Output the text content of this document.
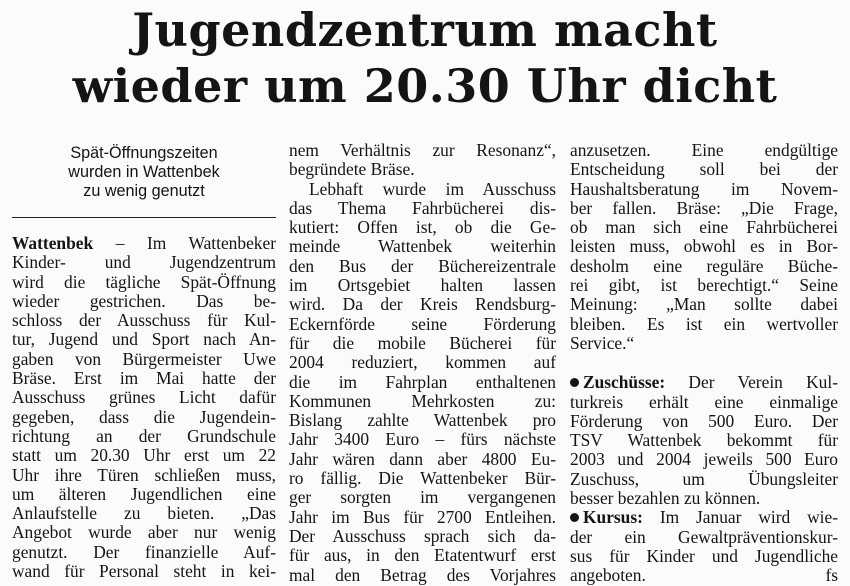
Jugendzentrum macht
wieder um 20.30 Uhr dicht
Spät-Öffnungszeiten
wurden in Wattenbek
zu wenig genutzt
Wattenbek – Im Wattenbeker
Kinder- und Jugendzentrum
wird die tägliche Spät-Öffnung
wieder gestrichen. Das be-
schloss der Ausschuss für Kul-
tur, Jugend und Sport nach An-
gaben von Bürgermeister Uwe
Bräse. Erst im Mai hatte der
Ausschuss grünes Licht dafür
gegeben, dass die Jugendein-
richtung an der Grundschule
statt um 20.30 Uhr erst um 22
Uhr ihre Türen schließen muss,
um älteren Jugendlichen eine
Anlaufstelle zu bieten. „Das
Angebot wurde aber nur wenig
genutzt. Der finanzielle Auf-
wand für Personal steht in kei-
nem Verhältnis zur Resonanz“,
begründete Bräse.
Lebhaft wurde im Ausschuss
das Thema Fahrbücherei dis-
kutiert: Offen ist, ob die Ge-
meinde Wattenbek weiterhin
den Bus der Büchereizentrale
im Ortsgebiet halten lassen
wird. Da der Kreis Rendsburg-
Eckernförde seine Förderung
für die mobile Bücherei für
2004 reduziert, kommen auf
die im Fahrplan enthaltenen
Kommunen Mehrkosten zu:
Bislang zahlte Wattenbek pro
Jahr 3400 Euro – fürs nächste
Jahr wären dann aber 4800 Eu-
ro fällig. Die Wattenbeker Bür-
ger sorgten im vergangenen
Jahr im Bus für 2700 Entleihen.
Der Ausschuss sprach sich da-
für aus, in den Etatentwurf erst
mal den Betrag des Vorjahres
anzusetzen. Eine endgültige
Entscheidung soll bei der
Haushaltsberatung im Novem-
ber fallen. Bräse: „Die Frage,
ob man sich eine Fahrbücherei
leisten muss, obwohl es in Bor-
desholm eine reguläre Büche-
rei gibt, ist berechtigt.“ Seine
Meinung: „Man sollte dabei
bleiben. Es ist ein wertvoller
Service.“
Zuschüsse: Der Verein Kul-
turkreis erhält eine einmalige
Förderung von 500 Euro. Der
TSV Wattenbek bekommt für
2003 und 2004 jeweils 500 Euro
Zuschuss, um Übungsleiter
besser bezahlen zu können.
Kursus: Im Januar wird wie-
der ein Gewaltpräventionskur-
sus für Kinder und Jugendliche
angeboten.	fs
